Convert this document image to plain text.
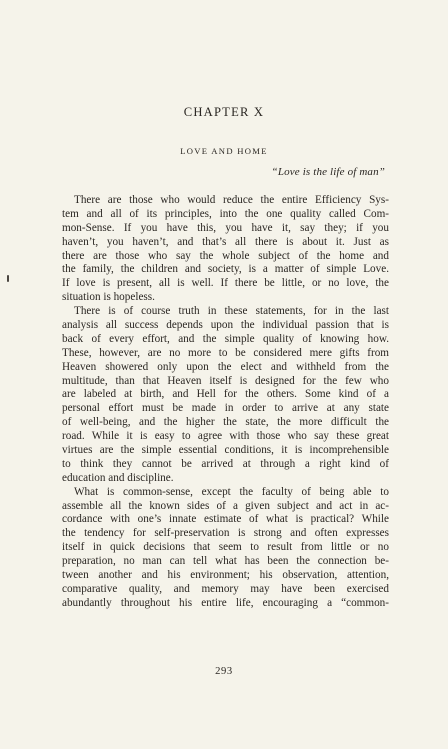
CHAPTER X
LOVE AND HOME
“Love is the life of man”
There are those who would reduce the entire Efficiency Sys-
tem and all of its principles, into the one quality called Com-
mon-Sense. If you have this, you have it, say they; if you
haven’t, you haven’t, and that’s all there is about it. Just as
there are those who say the whole subject of the home and
the family, the children and society, is a matter of simple Love.
If love is present, all is well. If there be little, or no love, the
situation is hopeless.
There is of course truth in these statements, for in the last
analysis all success depends upon the individual passion that is
back of every effort, and the simple quality of knowing how.
These, however, are no more to be considered mere gifts from
Heaven showered only upon the elect and withheld from the
multitude, than that Heaven itself is designed for the few who
are labeled at birth, and Hell for the others. Some kind of a
personal effort must be made in order to arrive at any state
of well-being, and the higher the state, the more difficult the
road. While it is easy to agree with those who say these great
virtues are the simple essential conditions, it is incomprehensible
to think they cannot be arrived at through a right kind of
education and discipline.
What is common-sense, except the faculty of being able to
assemble all the known sides of a given subject and act in ac-
cordance with one’s innate estimate of what is practical? While
the tendency for self-preservation is strong and often expresses
itself in quick decisions that seem to result from little or no
preparation, no man can tell what has been the connection be-
tween another and his environment; his observation, attention,
comparative quality, and memory may have been exercised
abundantly throughout his entire life, encouraging a “common-
293
